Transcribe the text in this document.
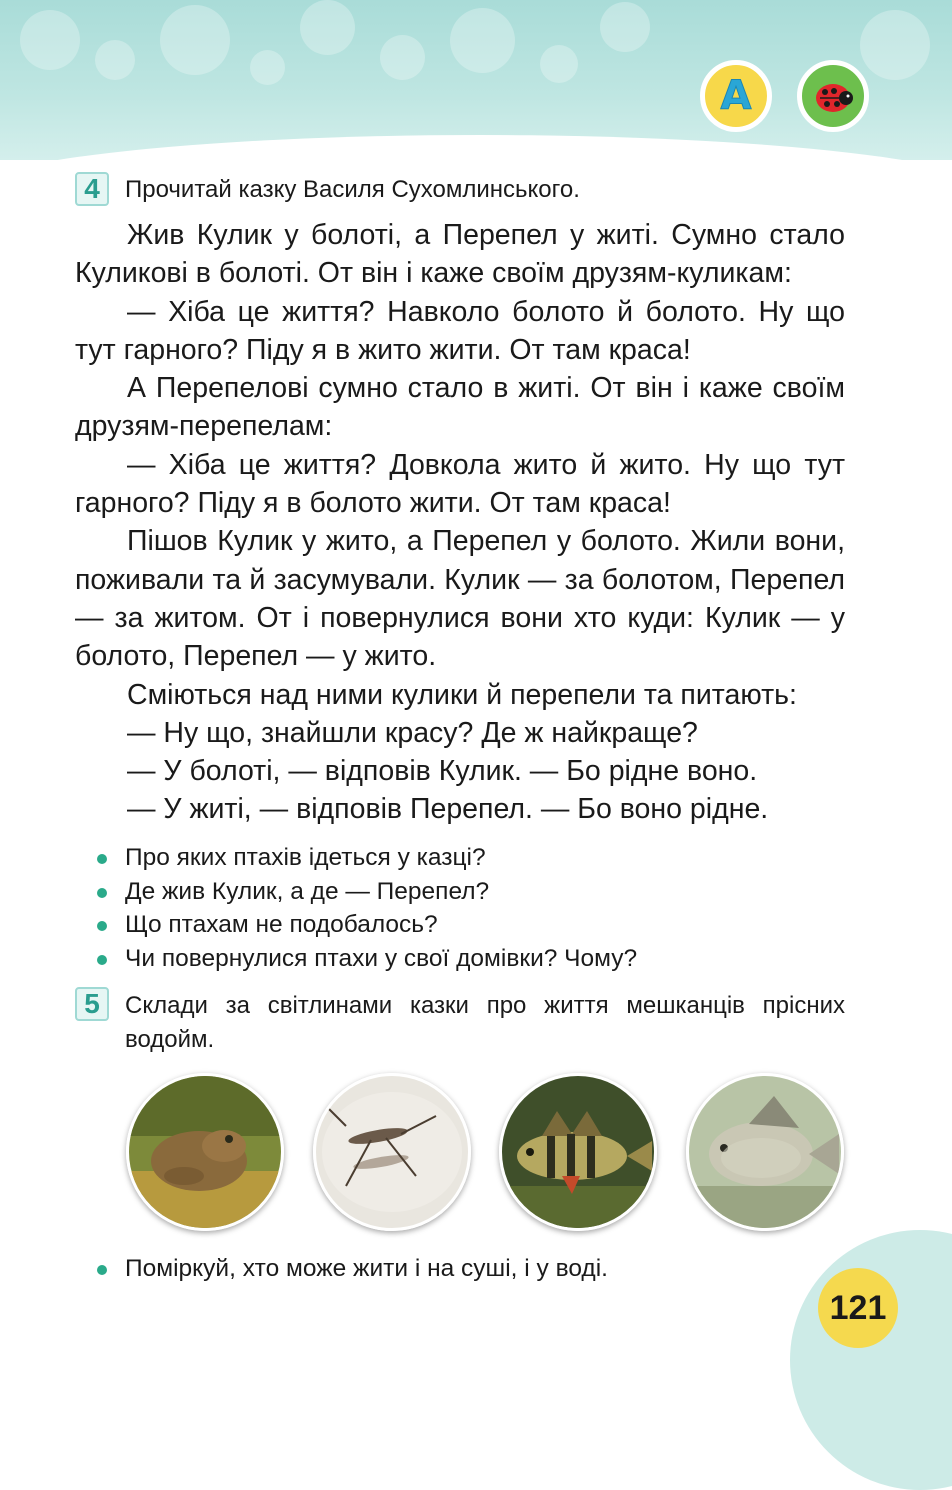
А
4	Прочитай казку Василя Сухомлинського.

Жив Кулик у болоті, а Перепел у житі. Сумно стало Куликові в болоті. От він і каже своїм друзям-куликам:

— Хіба це життя? Навколо болото й болото. Ну що тут гарного? Піду я в жито жити. От там краса!

А Перепелові сумно стало в житі. От він і каже своїм друзям-перепелам:

— Хіба це життя? Довкола жито й жито. Ну що тут гарного? Піду я в болото жити. От там краса!

Пішов Кулик у жито, а Перепел у болото. Жили вони, поживали та й засумували. Кулик — за болотом, Перепел — за житом. От і повернулися вони хто куди: Кулик — у болото, Перепел — у жито.

Сміються над ними кулики й перепели та питають:

— Ну що, знайшли красу? Де ж найкраще?

— У болоті, — відповів Кулик. — Бо рідне воно.

— У житі, — відповів Перепел. — Бо воно рідне.

Про яких птахів ідеться у казці?
Де жив Кулик, а де — Перепел?
Що птахам не подобалось?
Чи повернулися птахи у свої домівки? Чому?
5	Склади за світлинами казки про життя мешканців прісних водойм.
Поміркуй, хто може жити і на суші, і у воді.
121
